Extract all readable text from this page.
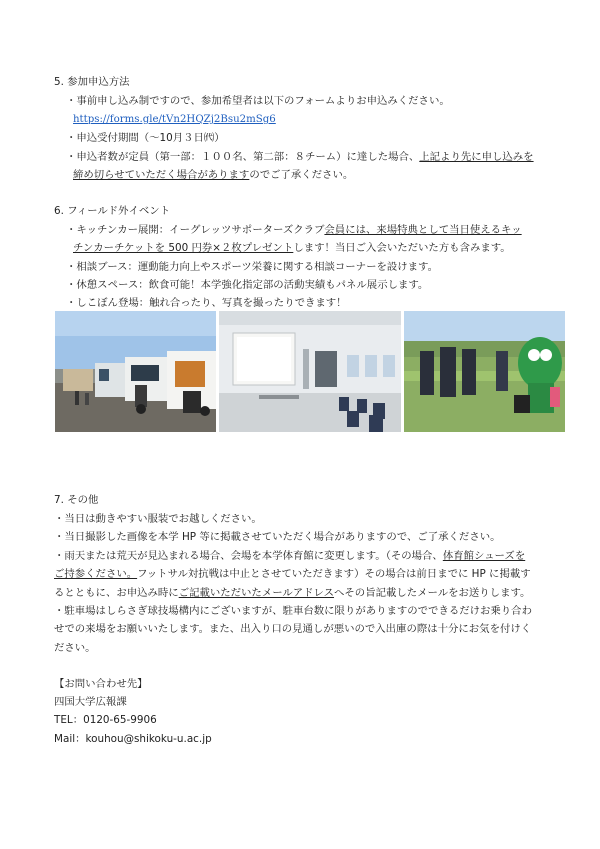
5. 参加申込方法
・事前申し込み制ですので、参加希望者は以下のフォームよりお申込みください。
https://forms.gle/tVn2HQZj2Bsu2mSg6
・申込受付期間（～10月３日㈹）
・申込者数が定員（第一部：１００名、第二部：８チーム）に達した場合、上記より先に申し込みを
締め切らせていただく場合がありますのでご了承ください。
6. フィールド外イベント
・キッチンカー展開：イーグレッツサポーターズクラブ会員には、来場特典として当日使えるキッ
チンカーチケットを 500 円券×２枚プレゼントします！当日ご入会いただいた方も含みます。
・相談ブース：運動能力向上やスポーツ栄養に関する相談コーナーを設けます。
・休憩スペース：飲食可能！本学強化指定部の活動実績もパネル展示します。
・しこぼん登場：触れ合ったり、写真を撮ったりできます！
7. その他
・当日は動きやすい服装でお越しください。
・当日撮影した画像を本学 HP 等に掲載させていただく場合がありますので、ご了承ください。
・雨天または荒天が見込まれる場合、会場を本学体育館に変更します。（その場合、体育館シューズを
ご持参ください。フットサル対抗戦は中止とさせていただきます）その場合は前日までに HP に掲載す
るとともに、お申込み時にご記載いただいたメールアドレスへその旨記載したメールをお送りします。
・駐車場はしらさぎ球技場構内にございますが、駐車台数に限りがありますのでできるだけお乗り合わ
せでの来場をお願いいたします。また、出入り口の見通しが悪いので入出庫の際は十分にお気を付けく
ださい。
【お問い合わせ先】
四国大学広報課
TEL：0120-65-9906
Mail：kouhou@shikoku-u.ac.jp
